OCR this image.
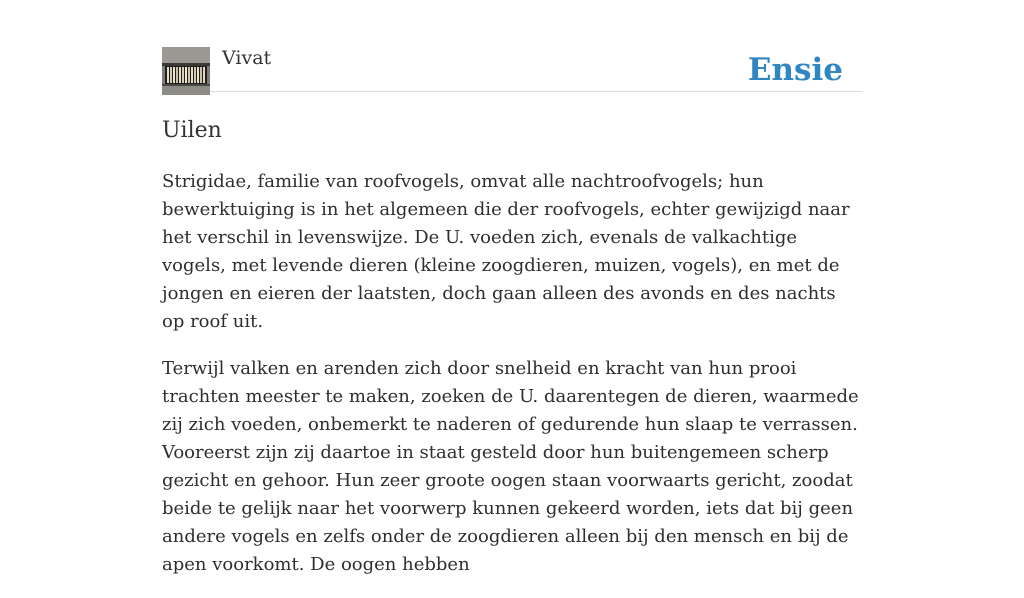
Vivat	Ensie
Uilen

Strigidae, familie van roofvogels, omvat alle nachtroofvogels; hun bewerktuiging is in het algemeen die der roofvogels, echter gewijzigd naar het verschil in levenswijze. De U. voeden zich, evenals de valkachtige vogels, met levende dieren (kleine zoogdieren, muizen, vogels), en met de jongen en eieren der laatsten, doch gaan alleen des avonds en des nachts op roof uit.

Terwijl valken en arenden zich door snelheid en kracht van hun prooi trachten meester te maken, zoeken de U. daarentegen de dieren, waarmede zij zich voeden, onbemerkt te naderen of gedurende hun slaap te verrassen. Vooreerst zijn zij daartoe in staat gesteld door hun buitengemeen scherp gezicht en gehoor. Hun zeer groote oogen staan voorwaarts gericht, zoodat beide te gelijk naar het voorwerp kunnen gekeerd worden, iets dat bij geen andere vogels en zelfs onder de zoogdieren alleen bij den mensch en bij de apen voorkomt. De oogen hebben
